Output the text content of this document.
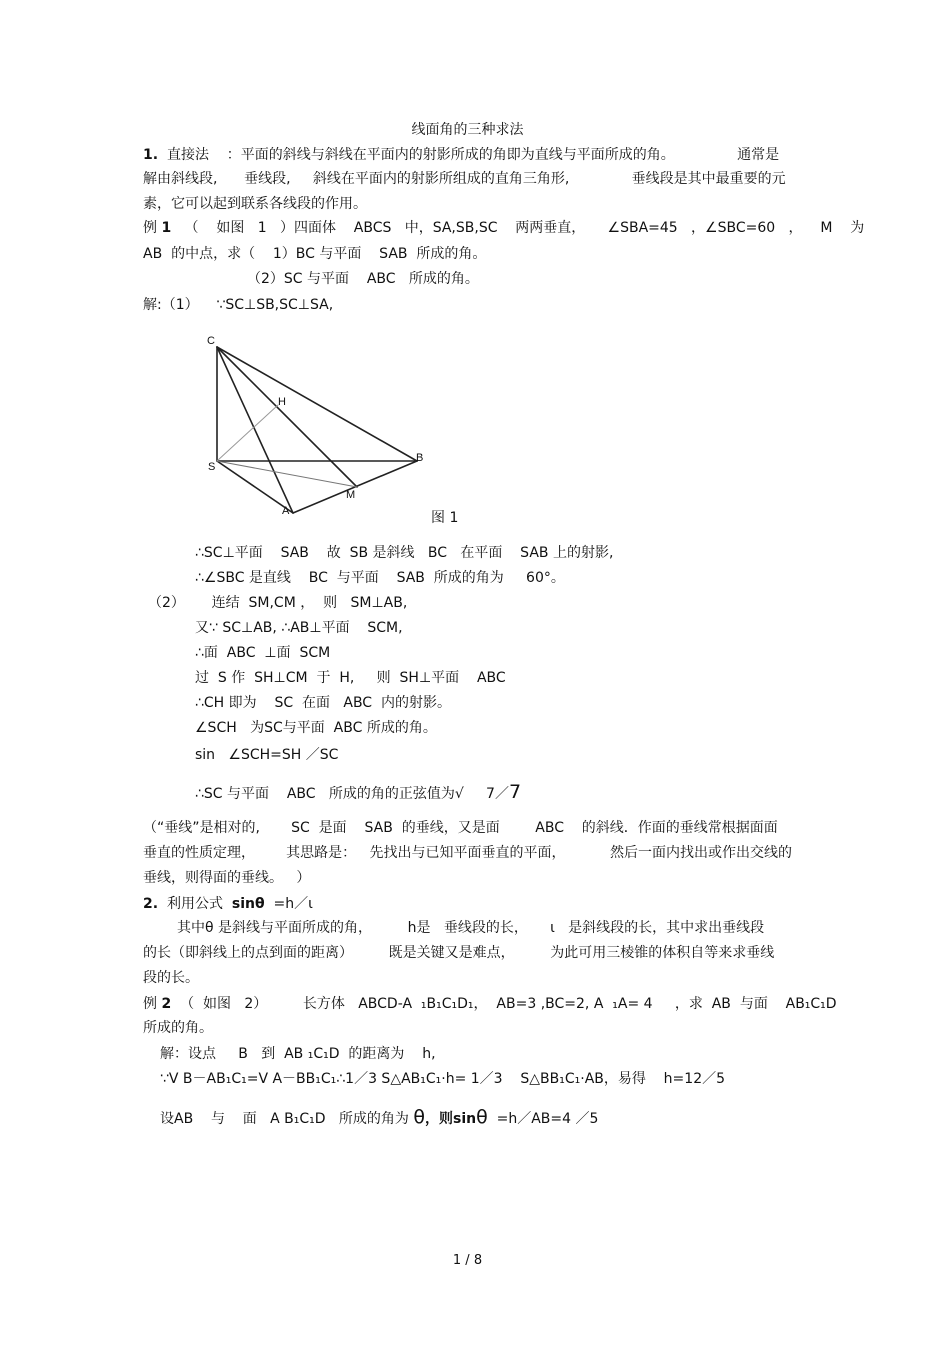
线面角的三种求法
1.  直接法    ：平面的斜线与斜线在平面内的射影所成的角即为直线与平面所成的角。              通常是
解由斜线段,      垂线段,     斜线在平面内的射影所组成的直角三角形,              垂线段是其中最重要的元
素，它可以起到联系各线段的作用。
例 1   （    如图   1   ）四面体    ABCS   中，SA,SB,SC    两两垂直，     ∠SBA=45   ，∠SBC=60   ，    M    为
AB  的中点，求（    1）BC 与平面    SAB  所成的角。
（2）SC 与平面    ABC   所成的角。
解:（1）    ∵SC⊥SB,SC⊥SA,
C
H
S
B
M
A	图 1
∴SC⊥平面    SAB    故  SB 是斜线   BC   在平面    SAB 上的射影,
∴∠SBC 是直线    BC  与平面    SAB  所成的角为     60°。
（2）      连结  SM,CM ，  则   SM⊥AB,
又∵ SC⊥AB, ∴AB⊥平面    SCM,
∴面  ABC  ⊥面  SCM
过  S 作  SH⊥CM  于  H,     则  SH⊥平面    ABC
∴CH 即为    SC  在面   ABC  内的射影。
∠SCH   为SC与平面  ABC 所成的角。
sin   ∠SCH=SH ／SC
∴SC 与平面    ABC   所成的角的正弦值为√     7／7
（“垂线”是相对的,       SC  是面    SAB  的垂线，又是面        ABC    的斜线．作面的垂线常根据面面
垂直的性质定理，       其思路是：   先找出与已知平面垂直的平面，          然后一面内找出或作出交线的
垂线，则得面的垂线。   ）
2.  利用公式  sinθ  =h／ι
其中θ 是斜线与平面所成的角，        h是   垂线段的长，     ι   是斜线段的长，其中求出垂线段
的长（即斜线上的点到面的距离）        既是关键又是难点，        为此可用三棱锥的体积自等来求垂线
段的长。
例 2  （  如图   2）        长方体   ABCD-A  ₁B₁C₁D₁，  AB=3 ,BC=2, A  ₁A= 4     ，求  AB  与面    AB₁C₁D
所成的角。
解：设点     B   到  AB ₁C₁D  的距离为    h,
∵V B－AB₁C₁=V A－BB₁C₁∴1／3 S△AB₁C₁·h= 1／3    S△BB₁C₁·AB，易得    h=12／5
设AB    与    面   A B₁C₁D   所成的角为 θ，则sinθ  =h／AB=4 ／5
1 / 8
